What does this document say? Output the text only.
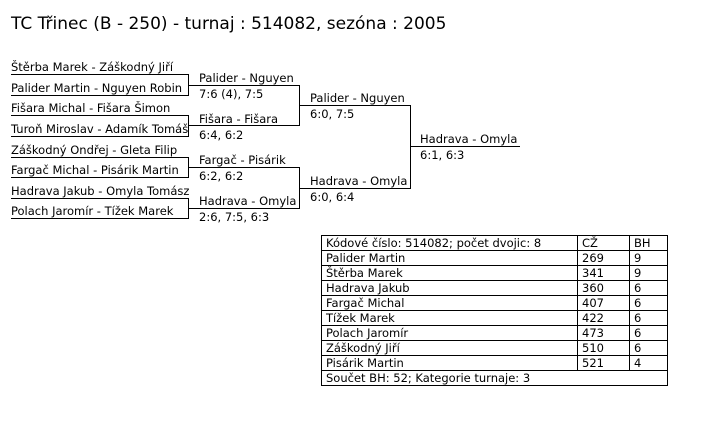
TC Třinec (B - 250) - turnaj : 514082, sezóna : 2005
Štěrba Marek - Záškodný Jiří
Palider Martin - Nguyen Robin
Fišara Michal - Fišara Šimon
Turoň Miroslav - Adamík Tomáš
Záškodný Ondřej - Gleta Filip
Fargač Michal - Pisárik Martin
Hadrava Jakub - Omyla Tomász
Polach Jaromír - Tížek Marek
Palider - Nguyen
7:6 (4), 7:5
Fišara - Fišara
6:4, 6:2
Fargač - Pisárik
6:2, 6:2
Hadrava - Omyla
2:6, 7:5, 6:3
Palider - Nguyen
6:0, 7:5
Hadrava - Omyla
6:0, 6:4
Hadrava - Omyla
6:1, 6:3
Kódové číslo: 514082; počet dvojic: 8	CŽ	BH
Palider Martin	269	9
Štěrba Marek	341	9
Hadrava Jakub	360	6
Fargač Michal	407	6
Tížek Marek	422	6
Polach Jaromír	473	6
Záškodný Jiří	510	6
Pisárik Martin	521	4
Součet BH: 52; Kategorie turnaje: 3		
